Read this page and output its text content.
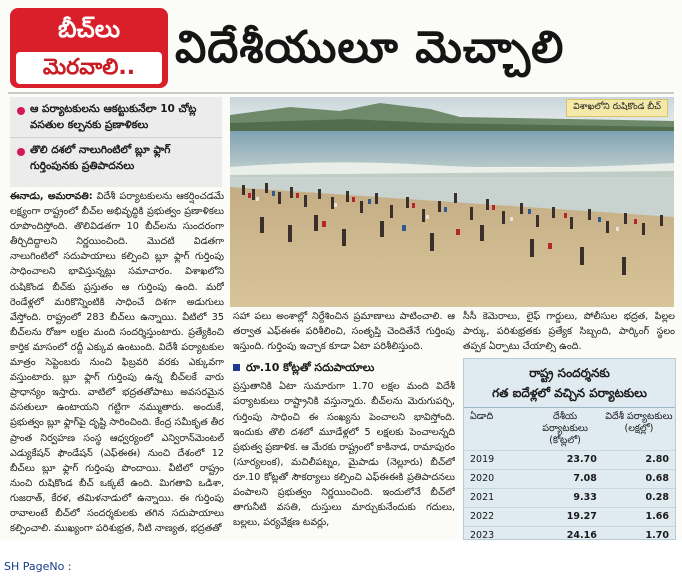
బీచ్‌లు
మెరవాలి.. విదేశీయులూ మెచ్చాలి
ఆ పర్యాటకులను ఆకట్టుకునేలా 10 చోట్ల వసతుల కల్పనకు ప్రణాళికలు
తొలి దశలో నాలుగింటిలో బ్లూ ఫ్లాగ్‌ గుర్తింపునకు ప్రతిపాదనలు
విశాఖలోని రుషికొండ బీచ్‌

ఈనాడు, అమరావతి: విదేశీ పర్యాటకులను ఆకర్షించడమే లక్ష్యంగా రాష్ట్రంలో బీచ్‌ల అభివృద్ధికి ప్రభుత్వం ప్రణాళికలు రూపొందిస్తోంది. తొలివిడతగా 10 బీచ్‌లను సుందరంగా తీర్చిదిద్దాలని నిర్ణయించింది. మొదటి విడతగా నాలుగింటిలో సదుపాయాలు కల్పించి బ్లూ ఫ్లాగ్‌ గుర్తింపు సాధించాలని భావిస్తున్నట్లు సమాచారం. విశాఖలోని రుషికొండ బీచ్‌కు ప్రస్తుతం ఆ గుర్తింపు ఉంది. మరో రెండేళ్లలో మరికొన్నింటికి సాధించే దిశగా అడుగులు వేస్తోంది. రాష్ట్రంలో 283 బీచ్‌లు ఉన్నాయి. వీటిలో 35 బీచ్‌లను రోజూ లక్షల మంది సందర్శిస్తుంటారు. ప్రత్యేకించి కార్తిక మాసంలో రద్దీ ఎక్కువ ఉంటుంది. విదేశీ పర్యాటకుల మాత్రం సెప్టెంబరు నుంచి ఫిబ్రవరి వరకు ఎక్కువగా వస్తుంటారు. బ్లూ ఫ్లాగ్‌ గుర్తింపు ఉన్న బీచ్‌లకే వారు ప్రాధాన్యం ఇస్తారు. వాటిలో భద్రతతోపాటు అవసరమైన వసతులూ ఉంటాయని గట్టిగా నమ్ముతారు. అందుకే, ప్రభుత్వం బ్లూ ఫ్లాగ్‌పై దృష్టి సారించింది. కేంద్ర సమీకృత తీర ప్రాంత నిర్వహణ సంస్థ ఆధ్వర్యంలో ఎన్విరాన్‌మెంటల్‌ ఎడ్యుకేషన్‌ ఫౌండేషన్‌ (ఎఫ్‌ఈఈ) నుంచి దేశంలో 12 బీచ్‌లు బ్లూ ఫ్లాగ్‌ గుర్తింపు పొందాయి. వీటిలో రాష్ట్రం నుంచి రుషికొండ బీచ్‌ ఒక్కటే ఉంది. మిగతావి ఒడిశా, గుజరాత్‌, కేరళ, తమిళనాడులో ఉన్నాయి. ఈ గుర్తింపు రావాలంటే బీచ్‌లో సందర్శకులకు తగిన సదుపాయాలు కల్పించాలి. ముఖ్యంగా పరిశుభ్రత, నీటి నాణ్యత, భద్రతతో

సహా పలు అంశాల్లో నిర్దేశించిన ప్రమాణాలు పాటించాలి. ఆ తర్వాత ఎఫ్‌ఈఈ పరిశీలించి, సంతృప్తి చెందితేనే గుర్తింపు ఇస్తుంది. గుర్తింపు ఇచ్చాక కూడా ఏటా పరిశీలిస్తుంది.

రూ.10 కోట్లతో సదుపాయాలు

ప్రస్తుతానికి ఏటా సుమారుగా 1.70 లక్షల మంది విదేశీ పర్యాటకులు రాష్ట్రానికి వస్తున్నారు. బీచ్‌లను మెరుగుపర్చి, గుర్తింపు సాధించి ఈ సంఖ్యను పెంచాలని భావిస్తోంది. ఇందుకు తొలి దశలో మూడేళ్లలో 5 లక్షలకు పెంచాలన్నది ప్రభుత్వ ప్రణాళిక. ఆ మేరకు రాష్ట్రంలో కాకినాడ, రామాపురం (సూర్యలంక), మచిలీపట్నం, మైపాడు (నెల్లూరు) బీచ్‌లో రూ.10 కోట్లతో సౌకర్యాలు కల్పించి ఎఫ్‌ఈఈకి ప్రతిపాదనలు పంపాలని ప్రభుత్వం నిర్ణయించింది. ఇందులోనే బీచ్‌లో తాగునీటి వసతి, దుస్తులు మార్చుకునేందుకు గదులు, బల్లలు, పర్యవేక్షణ టవర్లు,

సీసీ కెమెరాలు, లైఫ్‌ గార్డులు, పోలీసుల భద్రత, పిల్లల పార్కు, పరిశుభ్రతకు ప్రత్యేక సిబ్బంది, పార్కింగ్‌ స్థలం తప్పక ఏర్పాటు చేయాల్సి ఉంది.

రాష్ట్ర సందర్శనకు
గత ఐదేళ్లలో వచ్చిన పర్యాటకులు
ఏడాది	దేశీయ పర్యాటకులు (కోట్లలో)	విదేశీ పర్యాటకులు (లక్షల్లో)
2019	23.70	2.80
2020	7.08	0.68
2021	9.33	0.28
2022	19.27	1.66
2023	24.16	1.70
SH PageNo :
